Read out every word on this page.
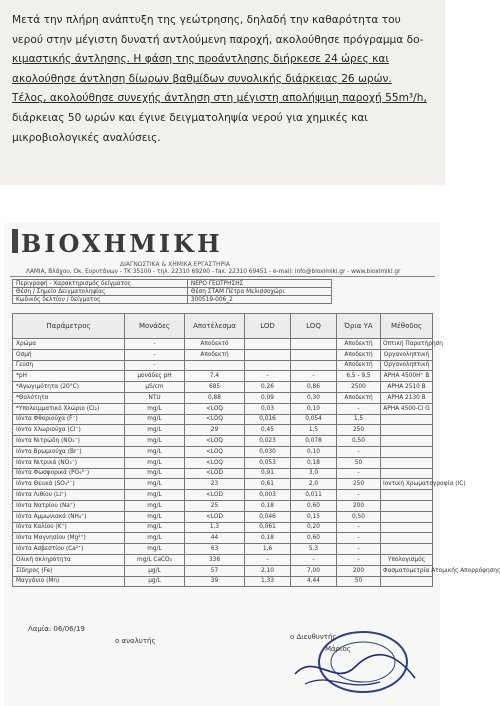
Μετά την πλήρη ανάπτυξη της γεώτρησης, δηλαδή την καθαρότητα του
νερού στην μέγιστη δυνατή αντλούμενη παροχή, ακολούθησε πρόγραμμα δο-
κιμαστικής άντλησης. Η φάση της προάντλησης διήρκεσε 24 ώρες και
ακολούθησε άντληση δίωρων βαθμίδων συνολικής διάρκειας 26 ωρών.
Τέλος, ακολούθησε συνεχής άντληση στη μέγιστη απολήψιμη παροχή 55m³/h,
διάρκειας 50 ωρών και έγινε δειγματοληψία νερού για χημικές και
μικροβιολογικές αναλύσεις.
BIOXHMIKH
ΔΙΑΓΝΩΣΤΙΚΑ & ΧΗΜΙΚΑ ΕΡΓΑΣΤΗΡΙΑ
ΛΑΜΙΑ, Βλάχου, Οκ. Ευρυτάνων - ΤΚ 35100 - τηλ. 22310 69200 - fax. 22310 69451 - e-mail: info@bioximiki.gr - www.bioximiki.gr
Περιγραφή - Χαρακτηρισμός δείγματος	ΝΕΡΟ ΓΕΩΤΡΗΣΗΣ
Θέση / Σημείο Δειγματοληψίας	Θέση ΣΤΑΜ Πέτρα Μελισσοχώρι
Κωδικός δελτίου / δείγματος	300519-006_2
Παράμετρος	Μονάδες	Αποτέλεσμα	LOD	LOQ	Όρια ΥΑ	Μέθοδος
Χρώμα	-	Αποδεκτό			Αποδεκτή	Οπτική Παρατήρηση
Οσμή	-	Αποδεκτή			Αποδεκτή	Οργανοληπτική
Γεύση	-				Αποδεκτή	Οργανοληπτική
*pH	μονάδες pH	7,4	-	-	6,5 - 9,5	APHA 4500H⁺ B
*Αγωγιμότητα (20°C)	μS/cm	685	0,26	0,86	2500	APHA 2510 B
*Θολότητα	NTU	0,88	0,09	0,30	Αποδεκτή	APHA 2130 B
*Υπολειμματικό Χλώριο (Cl₂)	mg/L	<LOQ	0,03	0,10	-	APHA 4500-Cl G
Ιόντα Φθοριούχα (F⁻)	mg/L	<LOQ	0,016	0,054	1,5	
Ιόντα Χλωριούχα (Cl⁻)	mg/L	29	0,45	1,5	250	
Ιόντα Νιτρώδη (NO₂⁻)	mg/L	<LOQ	0,023	0,078	0,50	
Ιόντα Βρωμιούχα (Br⁻)	mg/L	<LOQ	0,030	0,10	-	
Ιόντα Νιτρικά (NO₃⁻)	mg/L	<LOQ	0,053	0,18	50	
Ιόντα Φωσφορικά (PO₄³⁻)	mg/L	<LOD	0,91	3,0	-	
Ιόντα Θειικά (SO₄²⁻)	mg/L	23	0,61	2,0	250	Ιοντική Χρωματογραφία (IC)
Ιόντα Λιθίου (Li⁺)	mg/L	<LOD	0,003	0,011	-	
Ιόντα Νατρίου (Na⁺)	mg/L	25	0,18	0,60	200	
Ιόντα Αμμωνιακά (NH₄⁺)	mg/L	<LOD	0,046	0,15	0,50	
Ιόντα Καλίου (K⁺)	mg/L	1,3	0,061	0,20	-	
Ιόντα Μαγνησίου (Mg²⁺)	mg/L	44	0,18	0,60	-	
Ιόντα Ασβεστίου (Ca²⁺)	mg/L	63	1,6	5,3	-	
Ολική σκληρότητα	mg/L CaCO₃	338	-	-	-	Υπολογισμός
Σίδηρος (Fe)	μg/L	57	2,10	7,00	200	Φασματομετρία Ατομικής Απορρόφησης
Μαγγάνιο (Mn)	μg/L	39	1,33	4,44	50	
Λαμία: 06/06/19
ο αναλυτής	ο Διευθυντής
Μάριος
